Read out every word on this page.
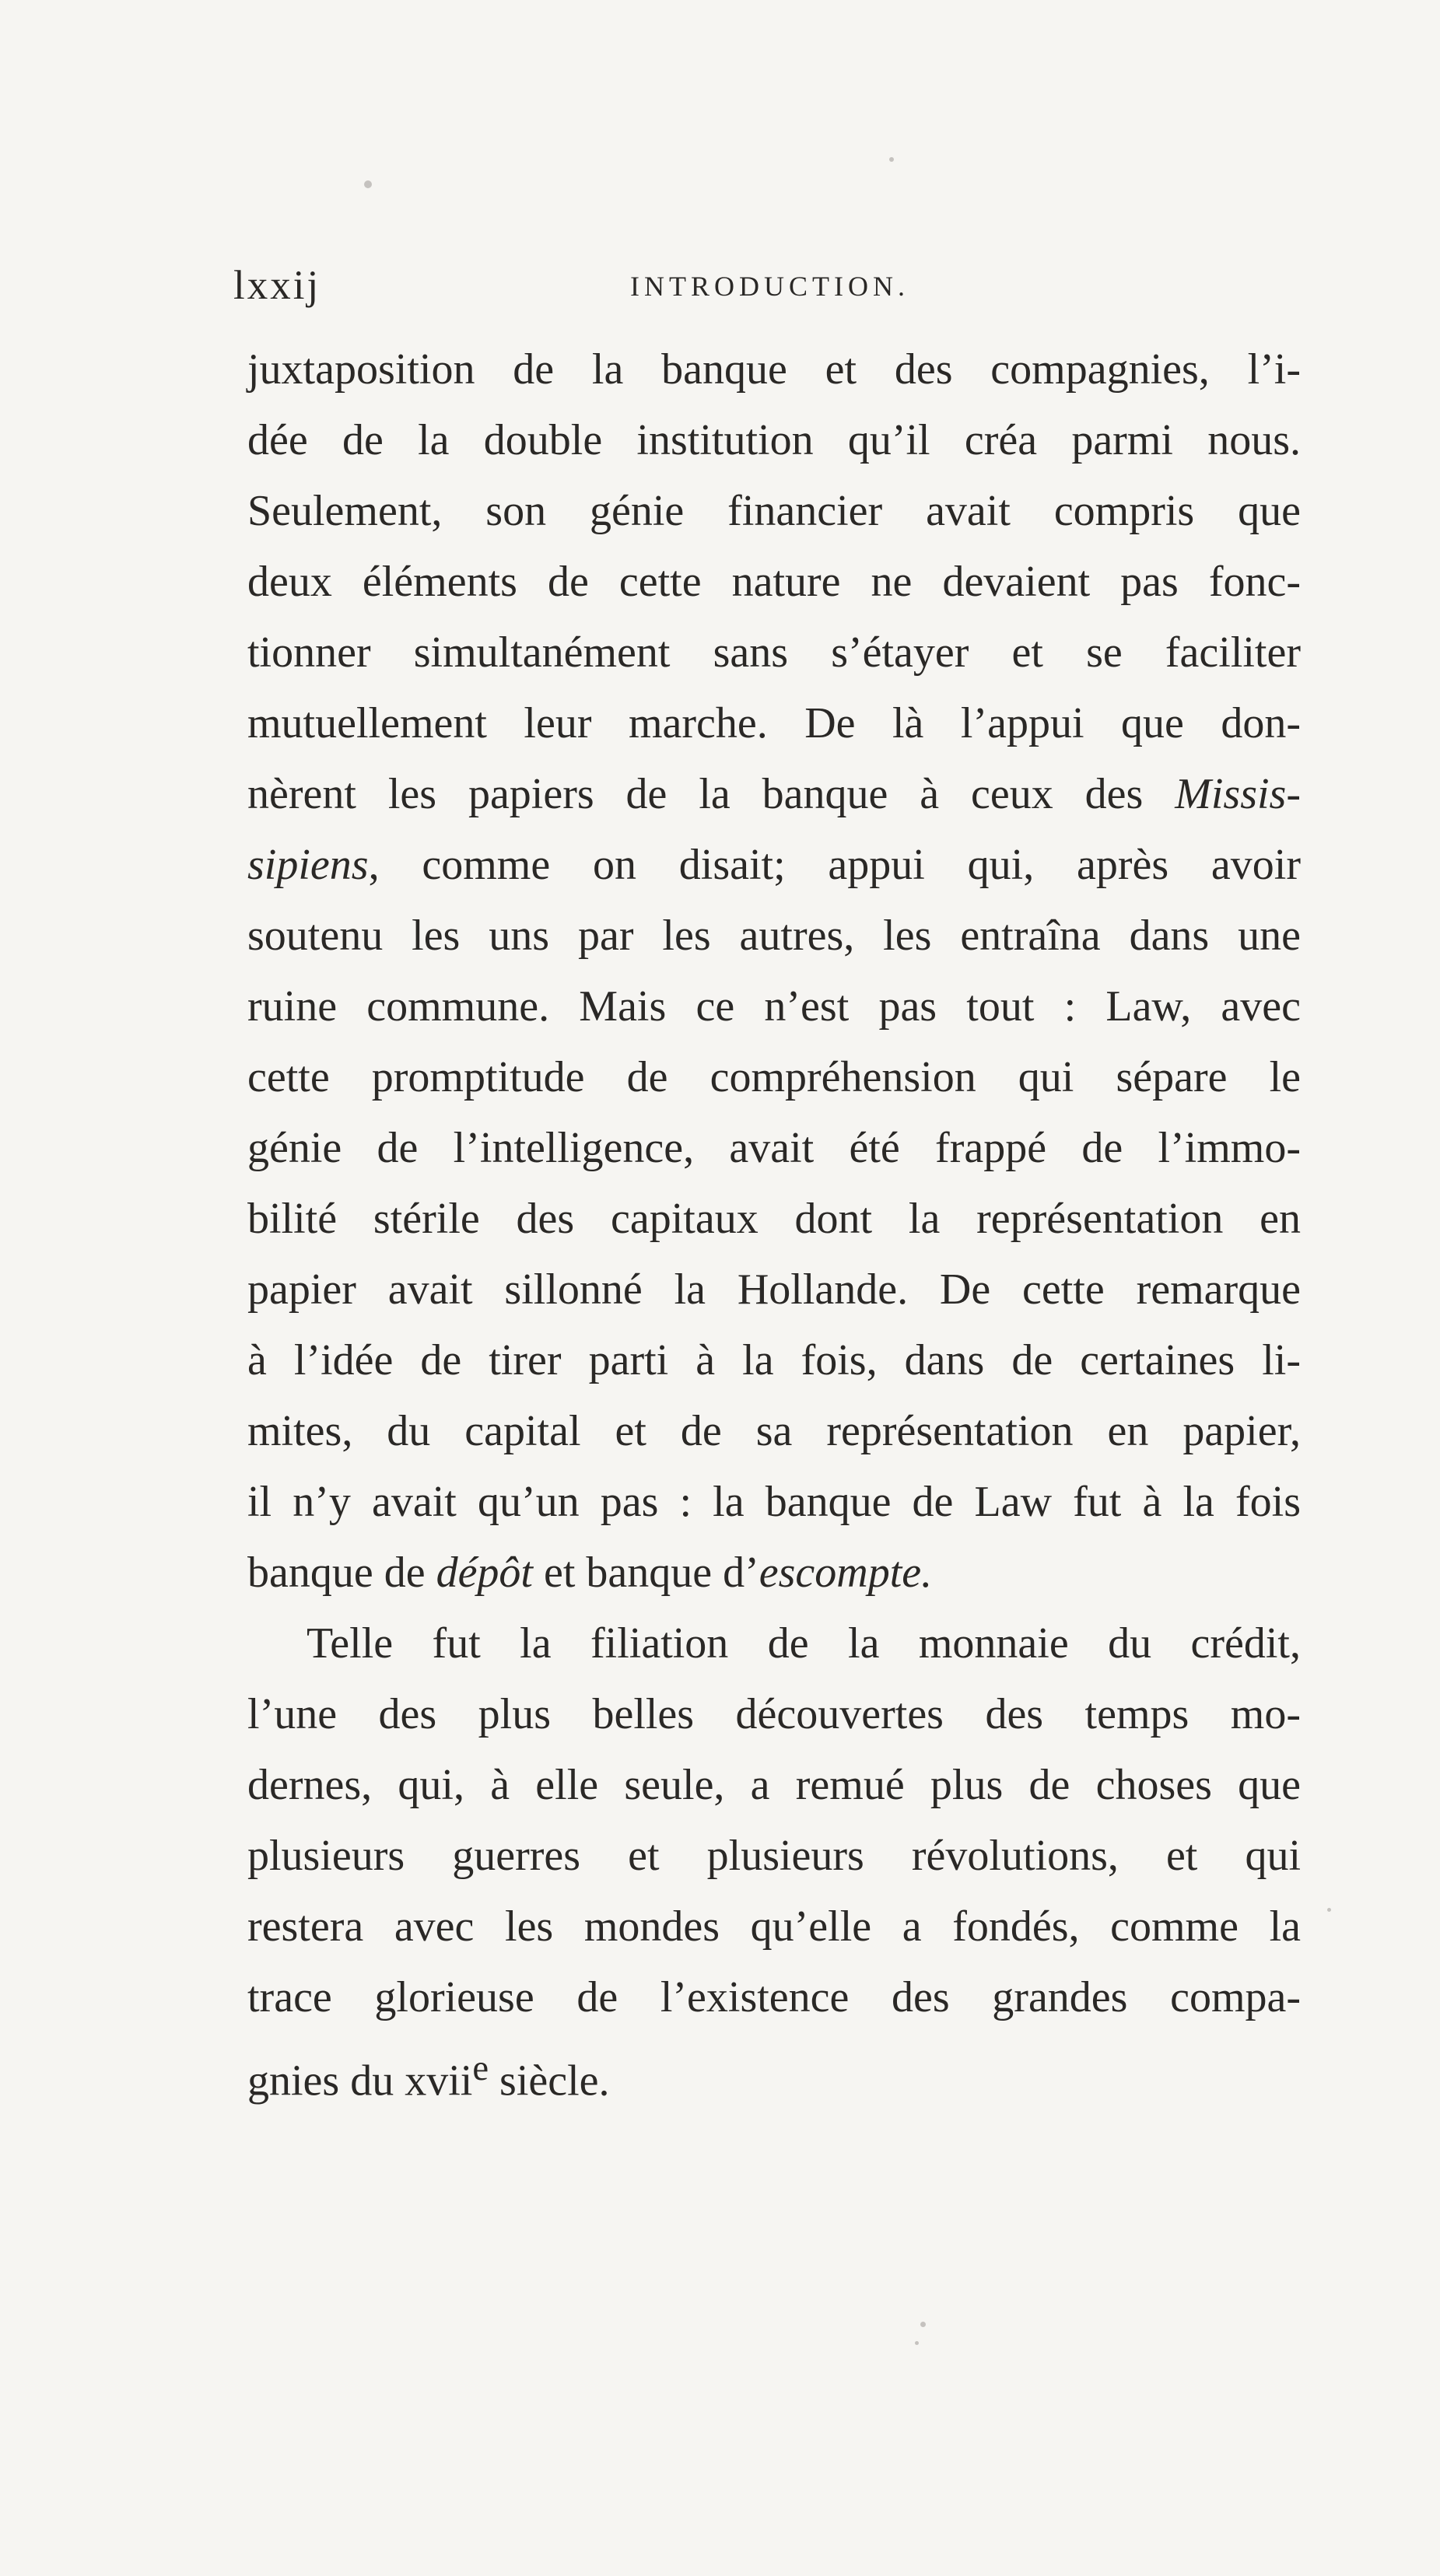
lxxij	INTRODUCTION.
juxtaposition de la banque et des compagnies, l’i-
dée de la double institution qu’il créa parmi nous.
Seulement, son génie financier avait compris que
deux éléments de cette nature ne devaient pas fonc-
tionner simultanément sans s’étayer et se faciliter
mutuellement leur marche. De là l’appui que don-
nèrent les papiers de la banque à ceux des Missis-
sipiens, comme on disait; appui qui, après avoir
soutenu les uns par les autres, les entraîna dans une
ruine commune. Mais ce n’est pas tout : Law, avec
cette promptitude de compréhension qui sépare le
génie de l’intelligence, avait été frappé de l’immo-
bilité stérile des capitaux dont la représentation en
papier avait sillonné la Hollande. De cette remarque
à l’idée de tirer parti à la fois, dans de certaines li-
mites, du capital et de sa représentation en papier,
il n’y avait qu’un pas : la banque de Law fut à la fois
banque de dépôt et banque d’escompte.
Telle fut la filiation de la monnaie du crédit,
l’une des plus belles découvertes des temps mo-
dernes, qui, à elle seule, a remué plus de choses que
plusieurs guerres et plusieurs révolutions, et qui
restera avec les mondes qu’elle a fondés, comme la
trace glorieuse de l’existence des grandes compa-
gnies du xvii$^e$ siècle.
